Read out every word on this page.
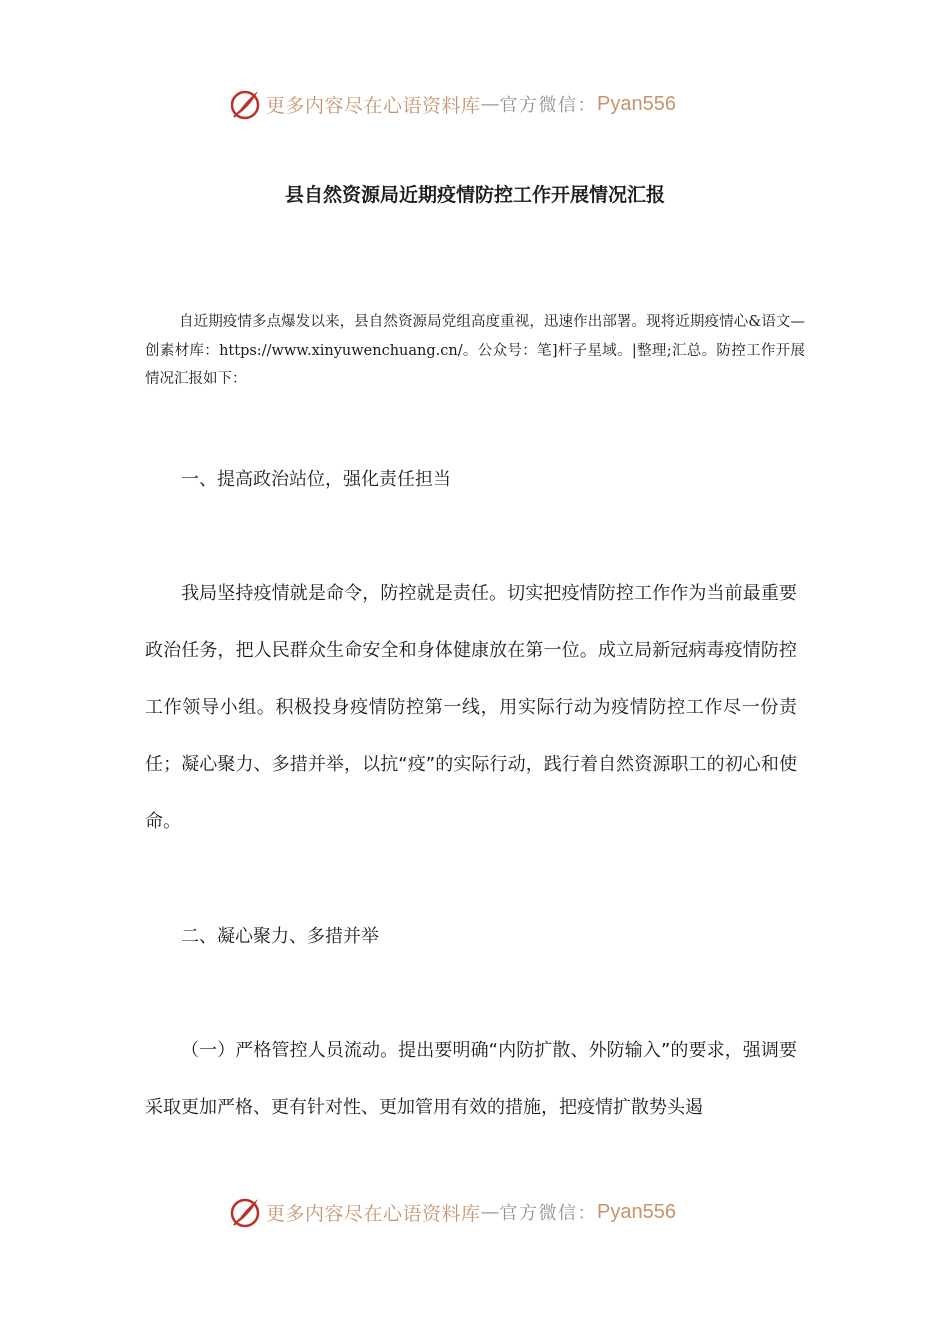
更多内容尽在心语资料库 — 官方微信： Pyan556
县自然资源局近期疫情防控工作开展情况汇报

自近期疫情多点爆发以来，县自然资源局党组高度重视，迅速作出部署。现将近期疫情心&语文—创素材库：https://www.xinyuwenchuang.cn/。公众号：笔]杆子星域。|整理;汇总。防控工作开展情况汇报如下：

一、提高政治站位，强化责任担当

我局坚持疫情就是命令，防控就是责任。切实把疫情防控工作作为当前最重要政治任务，把人民群众生命安全和身体健康放在第一位。成立局新冠病毒疫情防控工作领导小组。积极投身疫情防控第一线，用实际行动为疫情防控工作尽一份责任；凝心聚力、多措并举，以抗“疫”的实际行动，践行着自然资源职工的初心和使命。

二、凝心聚力、多措并举

（一）严格管控人员流动。提出要明确“内防扩散、外防输入”的要求，强调要采取更加严格、更有针对性、更加管用有效的措施，把疫情扩散势头遏

更多内容尽在心语资料库 — 官方微信： Pyan556
